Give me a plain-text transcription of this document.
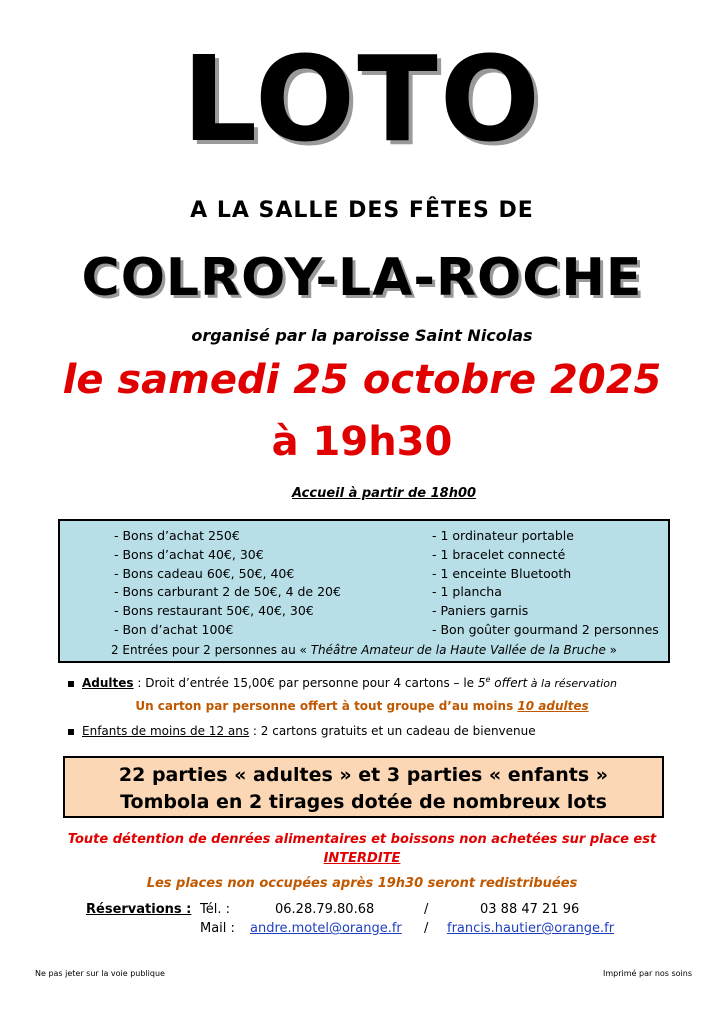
LOTO
A LA SALLE DES FÊTES DE
COLROY-LA-ROCHE
organisé par la paroisse Saint Nicolas
le samedi 25 octobre 2025
à 19h30
Accueil à partir de 18h00
- Bons d’achat 250€
- Bons d’achat 40€, 30€
- Bons cadeau 60€, 50€, 40€
- Bons carburant 2 de 50€, 4 de 20€
- Bons restaurant 50€, 40€, 30€
- Bon d’achat 100€
- 1 ordinateur portable
- 1 bracelet connecté
- 1 enceinte Bluetooth
- 1 plancha
- Paniers garnis
- Bon goûter gourmand 2 personnes
2 Entrées pour 2 personnes au « Théâtre Amateur de la Haute Vallée de la Bruche »
Adultes : Droit d’entrée 15,00€ par personne pour 4 cartons – le 5e offert à la réservation
Un carton par personne offert à tout groupe d’au moins 10 adultes
Enfants de moins de 12 ans : 2 cartons gratuits et un cadeau de bienvenue
22 parties « adultes » et 3 parties « enfants »
Tombola en 2 tirages dotée de nombreux lots
Toute détention de denrées alimentaires et boissons non achetées sur place est
INTERDITE
Les places non occupées après 19h30 seront redistribuées
Réservations : Tél. :	06.28.79.80.68	/	03 88 47 21 96
Mail : andre.motel@orange.fr / francis.hautier@orange.fr
Ne pas jeter sur la voie publique	Imprimé par nos soins
